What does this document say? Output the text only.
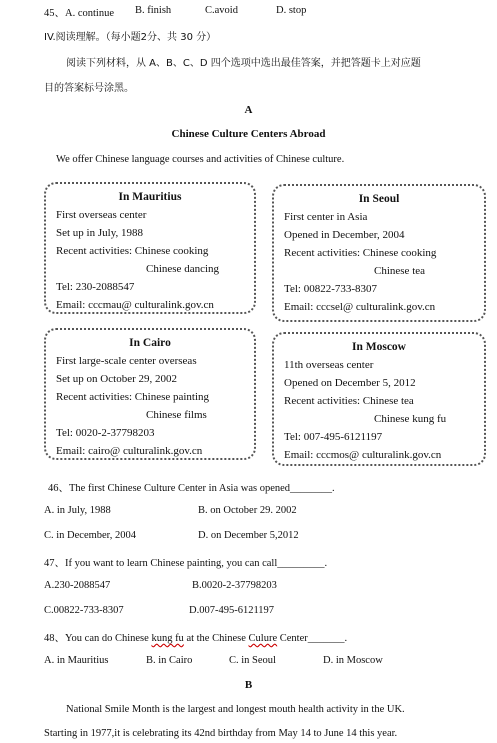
45、A. continue B. finish	C.avoid	D. stop
IV.阅读理解。（每小题2分、共 30 分）
阅读下列材料，从 A、B、C、D 四个选项中选出最佳答案，并把答题卡上对应题
目的答案标号涂黑。
A
Chinese Culture Centers Abroad
We offer Chinese language courses and activities of Chinese culture.
In Mauritius
First overseas center
Set up in July, 1988
Recent activities: Chinese cooking
Chinese dancing
Tel: 230-2088547
Email: cccmau@ culturalink.gov.cn
In Seoul
First center in Asia
Opened in December, 2004
Recent activities: Chinese cooking
Chinese tea
Tel: 00822-733-8307
Email: cccsel@ culturalink.gov.cn
In Cairo
First large-scale center overseas
Set up on October 29, 2002
Recent activities: Chinese painting
Chinese films
Tel: 0020-2-37798203
Email: cairo@ culturalink.gov.cn
In Moscow
11th overseas center
Opened on December 5, 2012
Recent activities: Chinese tea
Chinese kung fu
Tel: 007-495-6121197
Email: cccmos@ culturalink.gov.cn
46、The first Chinese Culture Center in Asia was opened________.
A. in July, 1988	B. on October 29. 2002
C. in December, 2004	D. on December 5,2012
47、If you want to learn Chinese painting, you can call_________.
A.230-2088547	B.0020-2-37798203
C.00822-733-8307	D.007-495-6121197
48、You can do Chinese kung fu at the Chinese Culure Center_______.
A. in Mauritius	B. in Cairo	C. in Seoul	D. in Moscow
B
National Smile Month is the largest and longest mouth health activity in the UK.
Starting in 1977,it is celebrating its 42nd birthday from May 14 to June 14 this year.
